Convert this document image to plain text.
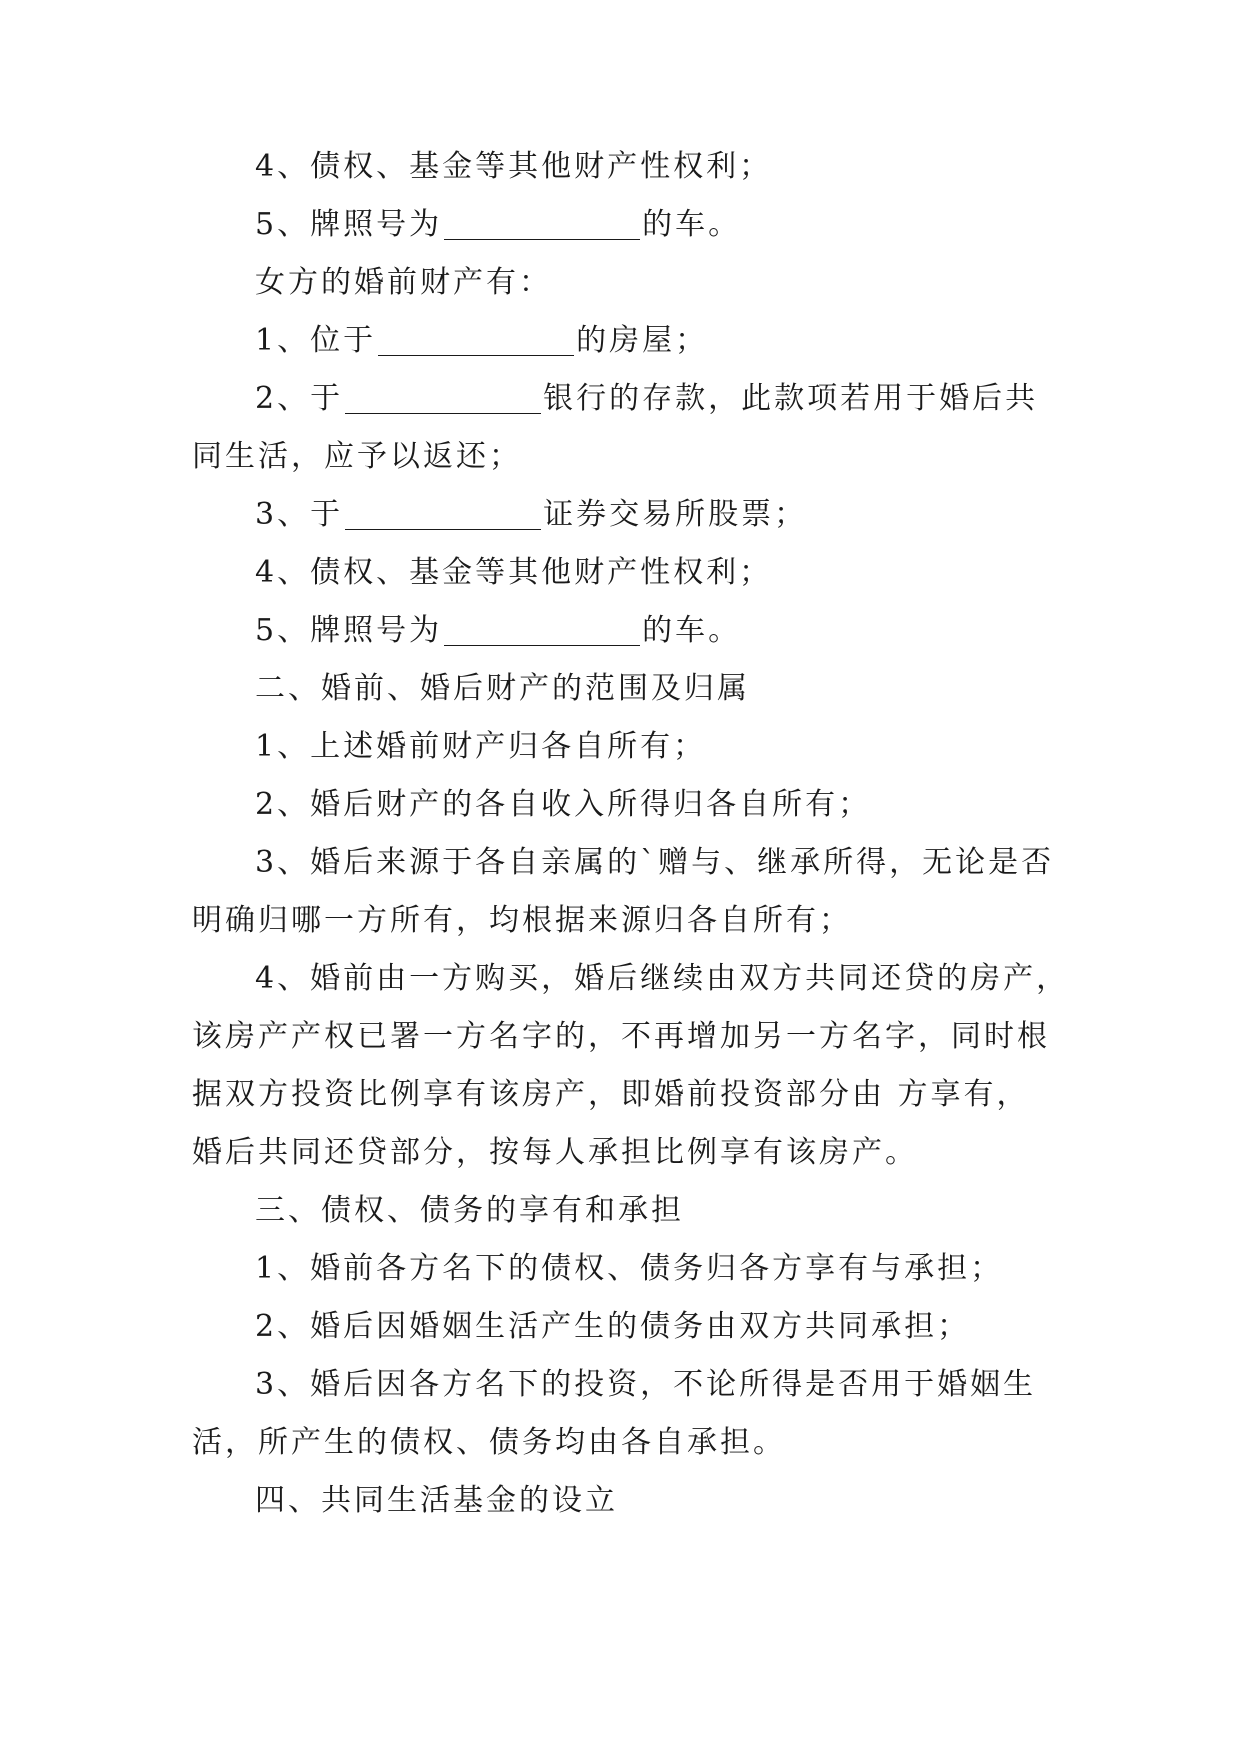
4、债权、基金等其他财产性权利；

5、牌照号为	的车。

女方的婚前财产有：

1、位于	的房屋；

2、于	银行的存款，此款项若用于婚后共
同生活，应予以返还；

3、于	证券交易所股票；

4、债权、基金等其他财产性权利；

5、牌照号为	的车。

二、婚前、婚后财产的范围及归属

1、上述婚前财产归各自所有；

2、婚后财产的各自收入所得归各自所有；

3、婚后来源于各自亲属的`赠与、继承所得，无论是否
明确归哪一方所有，均根据来源归各自所有；

4、婚前由一方购买，婚后继续由双方共同还贷的房产，
该房产产权已署一方名字的，不再增加另一方名字，同时根
据双方投资比例享有该房产，即婚前投资部分由 方享有，
婚后共同还贷部分，按每人承担比例享有该房产。

三、债权、债务的享有和承担

1、婚前各方名下的债权、债务归各方享有与承担；

2、婚后因婚姻生活产生的债务由双方共同承担；

3、婚后因各方名下的投资，不论所得是否用于婚姻生
活，所产生的债权、债务均由各自承担。

四、共同生活基金的设立
